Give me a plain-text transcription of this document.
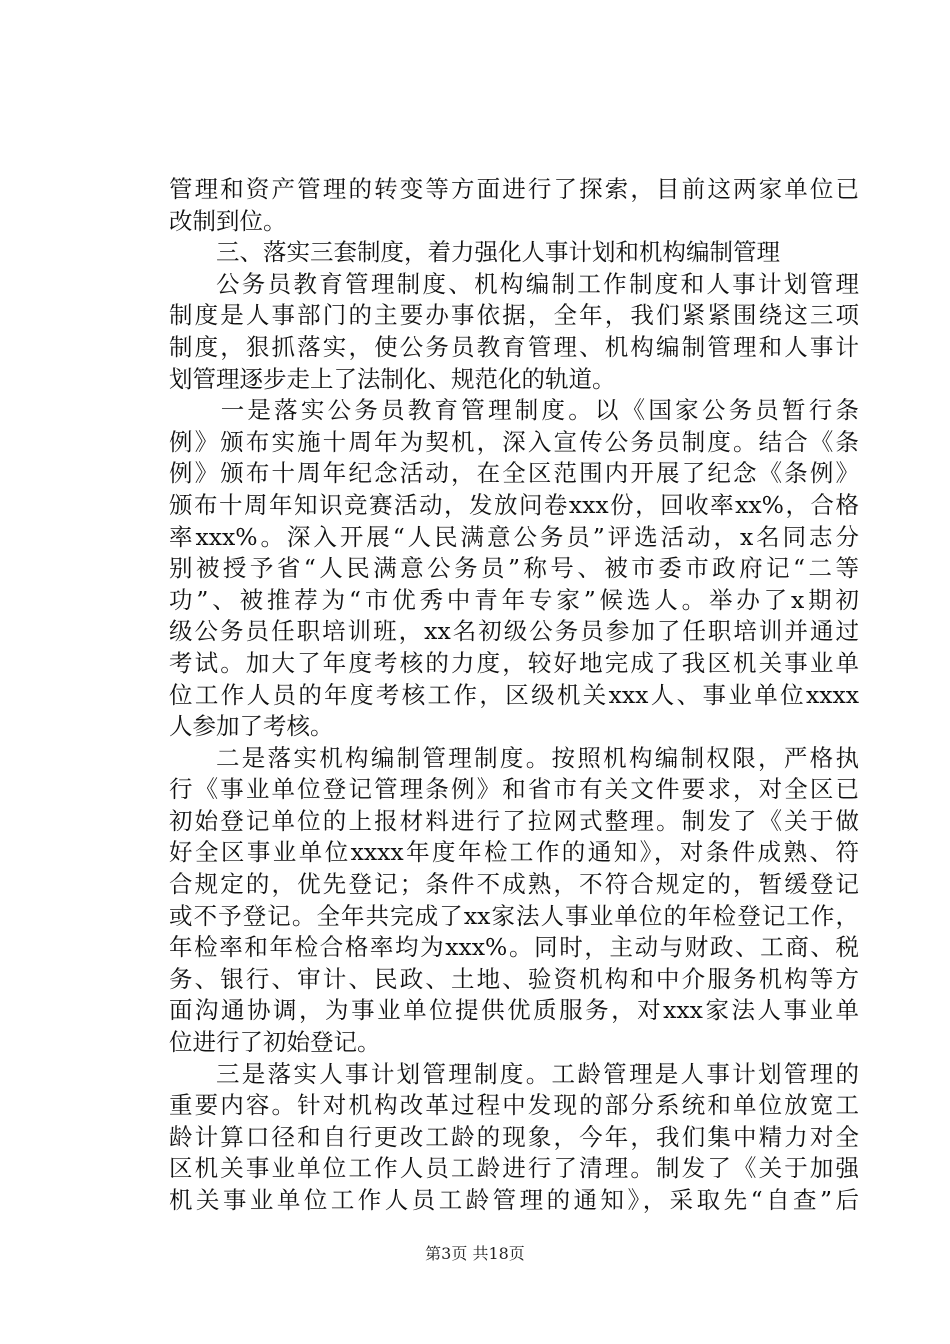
管理和资产管理的转变等方面进行了探索，目前这两家单位已
改制到位。
三、落实三套制度，着力强化人事计划和机构编制管理
公务员教育管理制度、机构编制工作制度和人事计划管理
制度是人事部门的主要办事依据，全年，我们紧紧围绕这三项
制度，狠抓落实，使公务员教育管理、机构编制管理和人事计
划管理逐步走上了法制化、规范化的轨道。
一是落实公务员教育管理制度。以《国家公务员暂行条
例》颁布实施十周年为契机，深入宣传公务员制度。结合《条
例》颁布十周年纪念活动，在全区范围内开展了纪念《条例》
颁布十周年知识竞赛活动，发放问卷xxx份，回收率xx%，合格
率xxx%。深入开展“人民满意公务员”评选活动，x名同志分
别被授予省“人民满意公务员”称号、被市委市政府记“二等
功”、被推荐为“市优秀中青年专家”候选人。举办了x期初
级公务员任职培训班，xx名初级公务员参加了任职培训并通过
考试。加大了年度考核的力度，较好地完成了我区机关事业单
位工作人员的年度考核工作，区级机关xxx人、事业单位xxxx
人参加了考核。
二是落实机构编制管理制度。按照机构编制权限，严格执
行《事业单位登记管理条例》和省市有关文件要求，对全区已
初始登记单位的上报材料进行了拉网式整理。制发了《关于做
好全区事业单位xxxx年度年检工作的通知》，对条件成熟、符
合规定的，优先登记；条件不成熟，不符合规定的，暂缓登记
或不予登记。全年共完成了xx家法人事业单位的年检登记工作，
年检率和年检合格率均为xxx%。同时，主动与财政、工商、税
务、银行、审计、民政、土地、验资机构和中介服务机构等方
面沟通协调，为事业单位提供优质服务，对xxx家法人事业单
位进行了初始登记。
三是落实人事计划管理制度。工龄管理是人事计划管理的
重要内容。针对机构改革过程中发现的部分系统和单位放宽工
龄计算口径和自行更改工龄的现象，今年，我们集中精力对全
区机关事业单位工作人员工龄进行了清理。制发了《关于加强
机关事业单位工作人员工龄管理的通知》，采取先“自查”后
第3页 共18页
